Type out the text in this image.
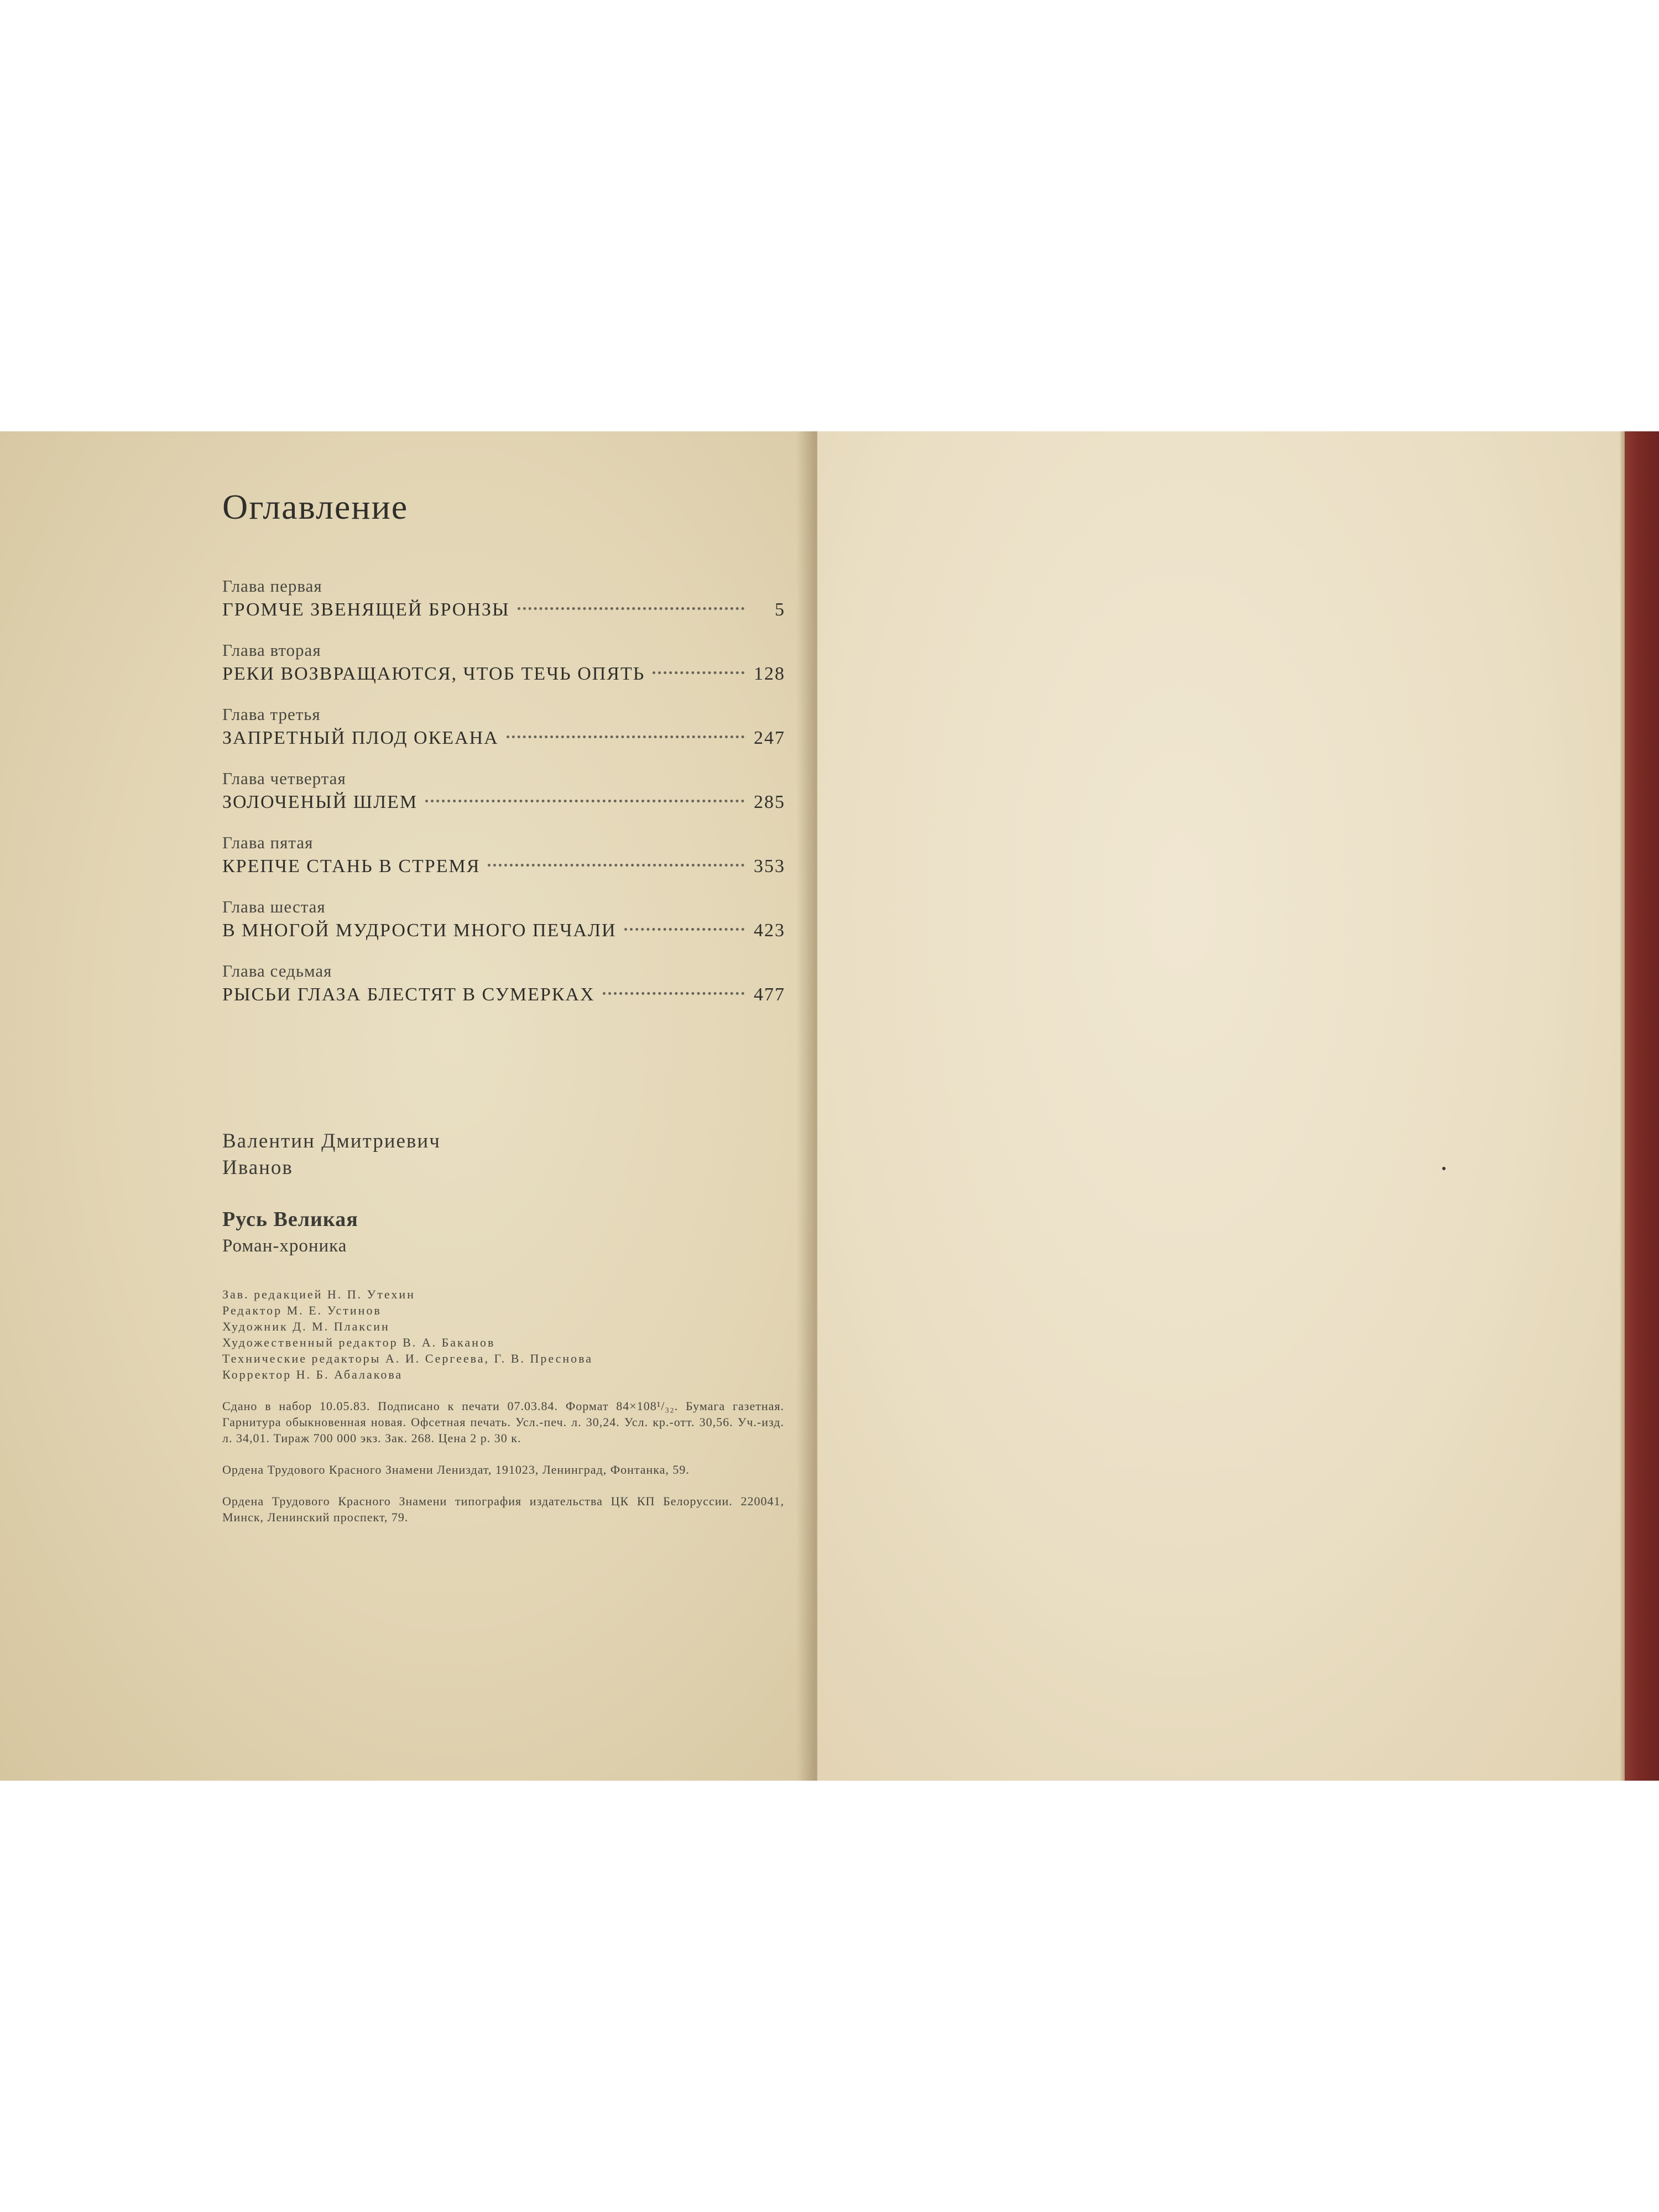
Оглавление
Глава первая
ГРОМЧЕ ЗВЕНЯЩЕЙ БРОНЗЫ	5
Глава вторая
РЕКИ ВОЗВРАЩАЮТСЯ, ЧТОБ ТЕЧЬ ОПЯТЬ	128
Глава третья
ЗАПРЕТНЫЙ ПЛОД ОКЕАНА	247
Глава четвертая
ЗОЛОЧЕНЫЙ ШЛЕМ	285
Глава пятая
КРЕПЧЕ СТАНЬ В СТРЕМЯ	353
Глава шестая
В МНОГОЙ МУДРОСТИ МНОГО ПЕЧАЛИ	423
Глава седьмая
РЫСЬИ ГЛАЗА БЛЕСТЯТ В СУМЕРКАХ	477
Валентин Дмитриевич
Иванов
Русь Великая
Роман-хроника
Зав. редакцией Н. П. Утехин
Редактор М. Е. Устинов
Художник Д. М. Плаксин
Художественный редактор В. А. Баканов
Технические редакторы А. И. Сергеева, Г. В. Преснова
Корректор Н. Б. Абалакова
Сдано в набор 10.05.83. Подписано к печати 07.03.84. Формат 84×108¹/₃₂. Бумага газетная. Гарнитура обыкновенная новая. Офсетная печать. Усл.-печ. л. 30,24. Усл. кр.-отт. 30,56. Уч.-изд. л. 34,01. Тираж 700 000 экз. Зак. 268. Цена 2 р. 30 к.
Ордена Трудового Красного Знамени Лениздат, 191023, Ленинград, Фонтанка, 59.
Ордена Трудового Красного Знамени типография издательства ЦК КП Белоруссии. 220041, Минск, Ленинский проспект, 79.
